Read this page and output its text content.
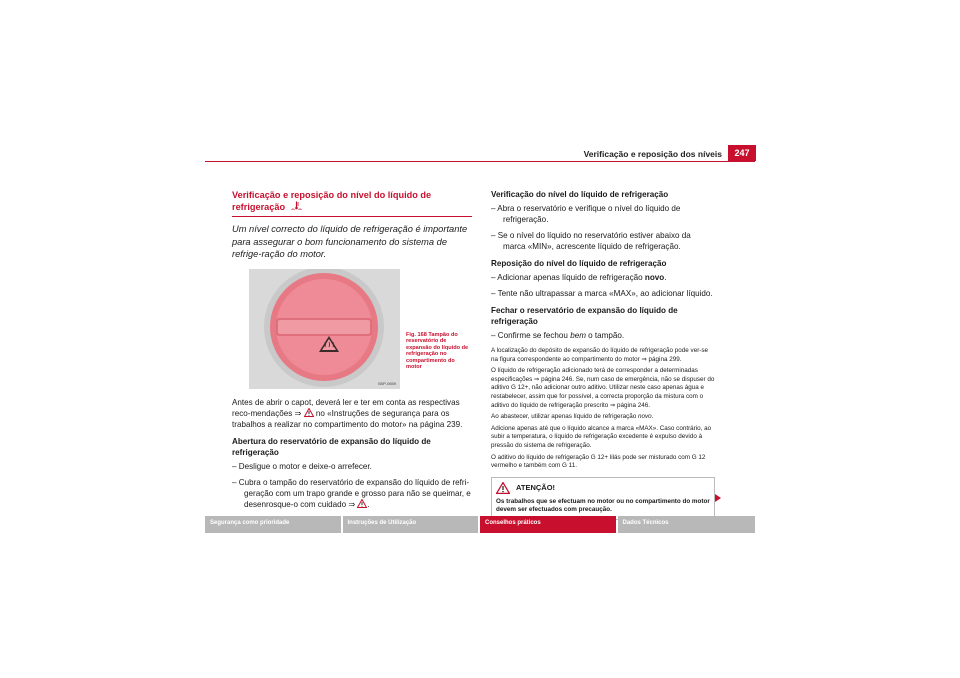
Verificação e reposição dos níveis	247
Verificação e reposição do nível do líquido de refrigeração

Um nível correcto do líquido de refrigeração é importante para assegurar o bom funcionamento do sistema de refrige-ração do motor.

B5P-0659
Fig. 168 Tampão do reservatório de expansão do líquido de refrigeração no compartimento do motor

Antes de abrir o capot, deverá ler e ter em conta as respectivas reco-mendações ⇒  no «Instruções de segurança para os trabalhos a realizar no compartimento do motor» na página 239.

Abertura do reservatório de expansão do líquido de refrigeração
– Desligue o motor e deixe-o arrefecer.
– Cubra o tampão do reservatório de expansão do líquido de refri-geração com um trapo grande e grosso para não se queimar, e desenrosque-o com cuidado ⇒ .
Verificação do nível do líquido de refrigeração
– Abra o reservatório e verifique o nível do líquido de refrigeração.
– Se o nível do líquido no reservatório estiver abaixo da marca «MIN», acrescente líquido de refrigeração.
Reposição do nível do líquido de refrigeração
– Adicionar apenas líquido de refrigeração novo.
– Tente não ultrapassar a marca «MAX», ao adicionar líquido.
Fechar o reservatório de expansão do líquido de refrigeração
– Confirme se fechou bem o tampão.

A localização do depósito de expansão do líquido de refrigeração pode ver-se na figura correspondente ao compartimento do motor ⇒ página 299.

O líquido de refrigeração adicionado terá de corresponder a determinadas especificações ⇒ página 246. Se, num caso de emergência, não se dispuser do aditivo G 12+, não adicionar outro aditivo. Utilizar neste caso apenas água e restabelecer, assim que for possível, a correcta proporção da mistura com o aditivo do líquido de refrigeração prescrito ⇒ página 246.

Ao abastecer, utilizar apenas líquido de refrigeração novo.

Adicione apenas até que o líquido alcance a marca «MAX». Caso contrário, ao subir a temperatura, o líquido de refrigeração excedente é expulso devido à pressão do sistema de refrigeração.

O aditivo do líquido de refrigeração G 12+ lilás pode ser misturado com G 12 vermelho e também com G 11.

ATENÇÃO!
Os trabalhos que se efectuam no motor ou no compartimento do motor devem ser efectuados com precaução.
Segurança como prioridade	Instruções de Utilização	Conselhos práticos	Dados Técnicos
